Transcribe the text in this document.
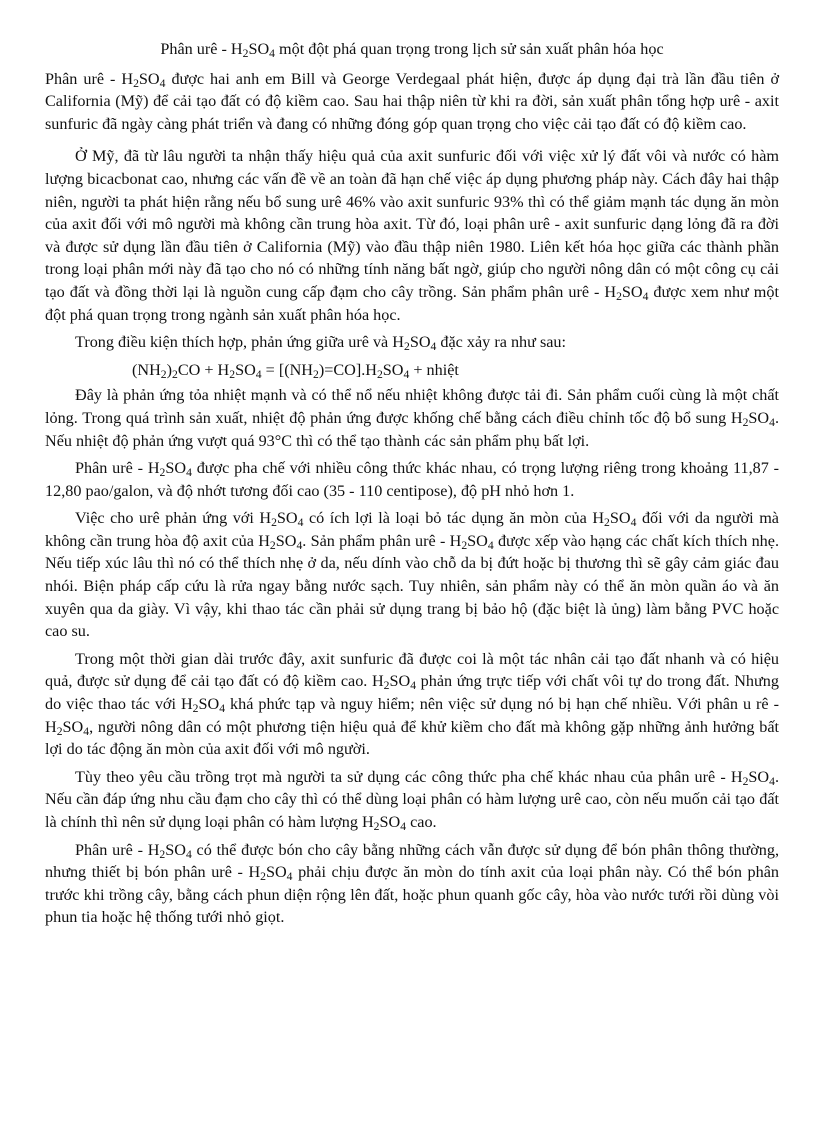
Phân urê - $H_2SO_4$ một đột phá quan trọng trong lịch sử sản xuất phân hóa học
Phân urê - $H_2SO_4$ được hai anh em Bill và George Verdegaal phát hiện, được áp dụng đại trà lần đầu tiên ở California (Mỹ) để cải tạo đất có độ kiềm cao. Sau hai thập niên từ khi ra đời, sản xuất phân tổng hợp urê - axit sunfuric đã ngày càng phát triển và đang có những đóng góp quan trọng cho việc cải tạo đất có độ kiềm cao.
Ở Mỹ, đã từ lâu người ta nhận thấy hiệu quả của axit sunfuric đối với việc xử lý đất vôi và nước có hàm lượng bicacbonat cao, nhưng các vấn đề về an toàn đã hạn chế việc áp dụng phương pháp này. Cách đây hai thập niên, người ta phát hiện rằng nếu bổ sung urê 46% vào axit sunfuric 93% thì có thể giảm mạnh tác dụng ăn mòn của axit đối với mô người mà không cần trung hòa axit. Từ đó, loại phân urê - axit sunfuric dạng lỏng đã ra đời và được sử dụng lần đầu tiên ở California (Mỹ) vào đầu thập niên 1980. Liên kết hóa học giữa các thành phần trong loại phân mới này đã tạo cho nó có những tính năng bất ngờ, giúp cho người nông dân có một công cụ cải tạo đất và đồng thời lại là nguồn cung cấp đạm cho cây trồng. Sản phẩm phân urê - $H_2SO_4$ được xem như một đột phá quan trọng trong ngành sản xuất phân hóa học.
Trong điều kiện thích hợp, phản ứng giữa urê và $H_2SO_4$ đặc xảy ra như sau:
$(NH_2)_2CO + H_2SO_4 = [(NH_2)=CO].H_2SO_4$ + nhiệt
Đây là phản ứng tỏa nhiệt mạnh và có thể nổ nếu nhiệt không được tải đi. Sản phẩm cuối cùng là một chất lỏng. Trong quá trình sản xuất, nhiệt độ phản ứng được khống chế bằng cách điều chỉnh tốc độ bổ sung $H_2SO_4$. Nếu nhiệt độ phản ứng vượt quá 93°C thì có thể tạo thành các sản phẩm phụ bất lợi.
Phân urê - $H_2SO_4$ được pha chế với nhiều công thức khác nhau, có trọng lượng riêng trong khoảng 11,87 - 12,80 pao/galon, và độ nhớt tương đối cao (35 - 110 centipose), độ pH nhỏ hơn 1.
Việc cho urê phản ứng với $H_2SO_4$ có ích lợi là loại bỏ tác dụng ăn mòn của $H_2SO_4$ đối với da người mà không cần trung hòa độ axit của $H_2SO_4$. Sản phẩm phân urê - $H_2SO_4$ được xếp vào hạng các chất kích thích nhẹ. Nếu tiếp xúc lâu thì nó có thể thích nhẹ ở da, nếu dính vào chỗ da bị đứt hoặc bị thương thì sẽ gây cảm giác đau nhói. Biện pháp cấp cứu là rửa ngay bằng nước sạch. Tuy nhiên, sản phẩm này có thể ăn mòn quần áo và ăn xuyên qua da giày. Vì vậy, khi thao tác cần phải sử dụng trang bị bảo hộ (đặc biệt là ủng) làm bằng PVC hoặc cao su.
Trong một thời gian dài trước đây, axit sunfuric đã được coi là một tác nhân cải tạo đất nhanh và có hiệu quả, được sử dụng để cải tạo đất có độ kiềm cao. $H_2SO_4$ phản ứng trực tiếp với chất vôi tự do trong đất. Nhưng do việc thao tác với $H_2SO_4$ khá phức tạp và nguy hiểm; nên việc sử dụng nó bị hạn chế nhiều. Với phân u rê - $H_2SO_4$, người nông dân có một phương tiện hiệu quả để khử kiềm cho đất mà không gặp những ảnh hưởng bất lợi do tác động ăn mòn của axit đối với mô người.
Tùy theo yêu cầu trồng trọt mà người ta sử dụng các công thức pha chế khác nhau của phân urê - $H_2SO_4$. Nếu cần đáp ứng nhu cầu đạm cho cây thì có thể dùng loại phân có hàm lượng urê cao, còn nếu muốn cải tạo đất là chính thì nên sử dụng loại phân có hàm lượng $H_2SO_4$ cao.
Phân urê - $H_2SO_4$ có thể được bón cho cây bằng những cách vẫn được sử dụng để bón phân thông thường, nhưng thiết bị bón phân urê - $H_2SO_4$ phải chịu được ăn mòn do tính axit của loại phân này. Có thể bón phân trước khi trồng cây, bằng cách phun diện rộng lên đất, hoặc phun quanh gốc cây, hòa vào nước tưới rồi dùng vòi phun tia hoặc hệ thống tưới nhỏ giọt.
